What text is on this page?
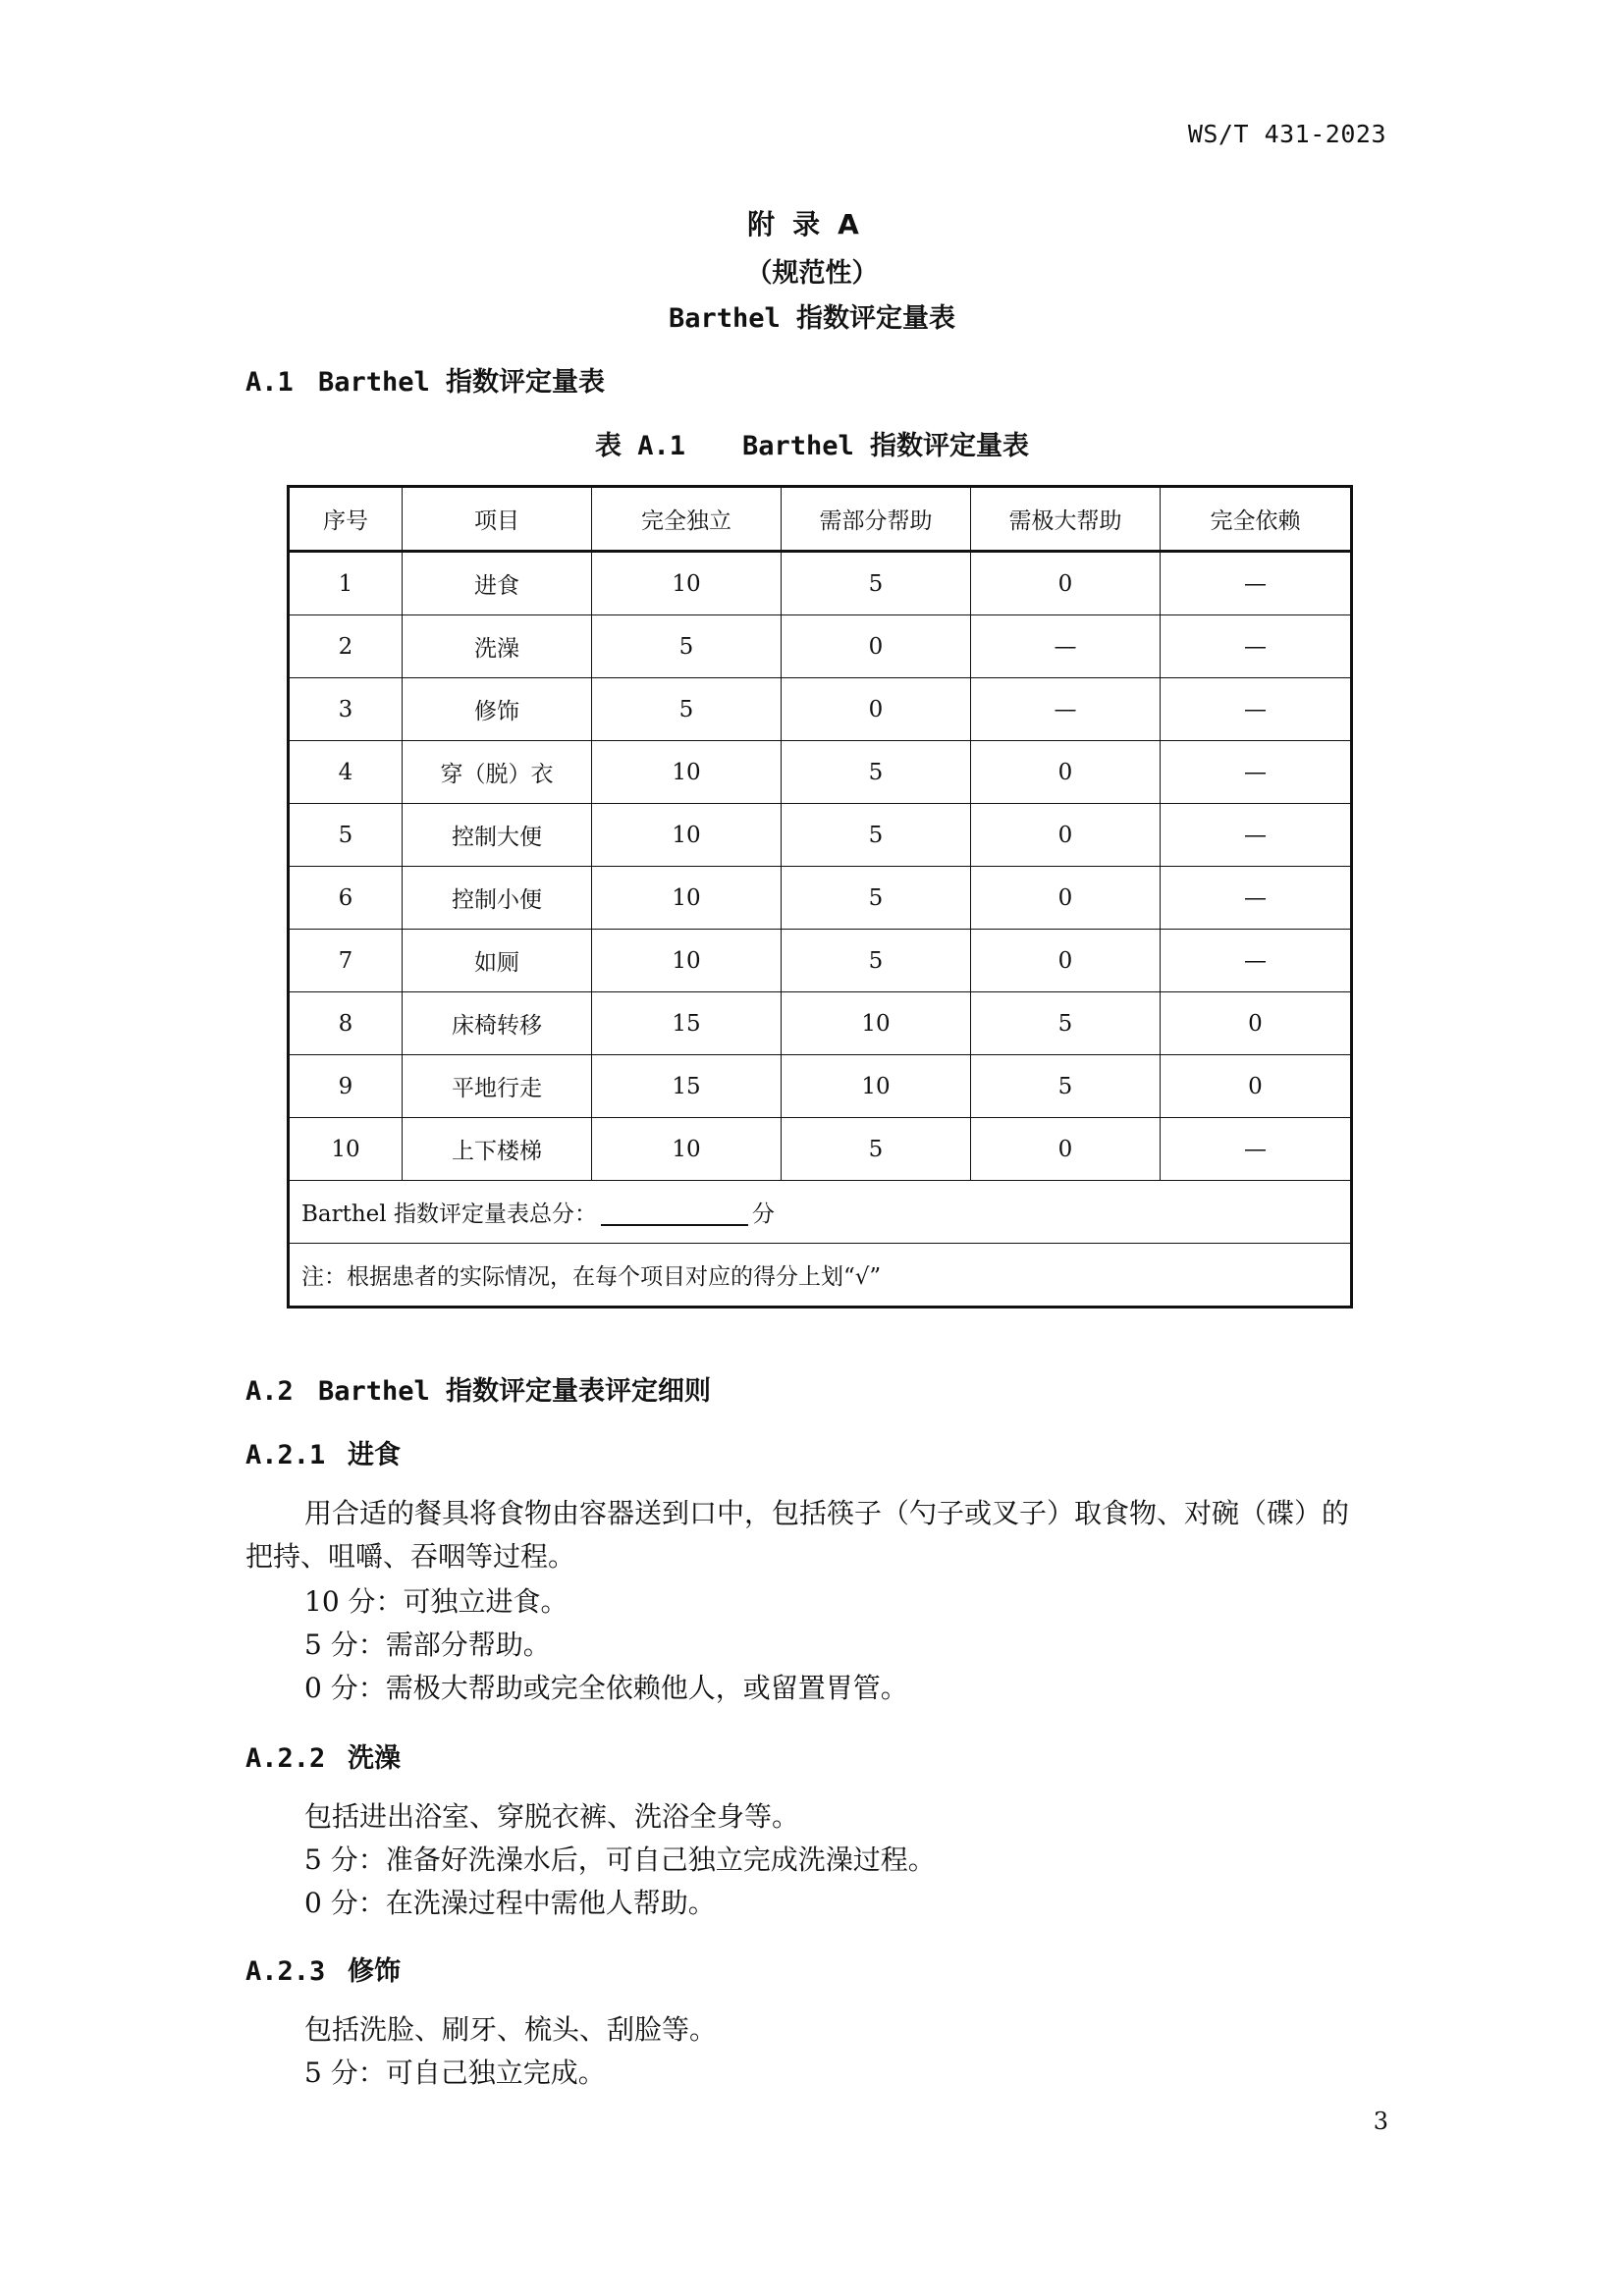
WS/T 431-2023
附录A
（规范性）
Barthel 指数评定量表
A.1 Barthel 指数评定量表
表 A.1 Barthel 指数评定量表
序号	项目	完全独立	需部分帮助	需极大帮助	完全依赖
1	进食	10	5	0	—
2	洗澡	5	0	—	—
3	修饰	5	0	—	—
4	穿（脱）衣	10	5	0	—
5	控制大便	10	5	0	—
6	控制小便	10	5	0	—
7	如厕	10	5	0	—
8	床椅转移	15	10	5	0
9	平地行走	15	10	5	0
10	上下楼梯	10	5	0	—
Barthel 指数评定量表总分： 分					
注：根据患者的实际情况，在每个项目对应的得分上划“√”					
A.2 Barthel 指数评定量表评定细则
A.2.1 进食
用合适的餐具将食物由容器送到口中，包括筷子（勺子或叉子）取食物、对碗（碟）的把持、咀嚼、吞咽等过程。
10 分：可独立进食。
5 分：需部分帮助。
0 分：需极大帮助或完全依赖他人，或留置胃管。
A.2.2 洗澡
包括进出浴室、穿脱衣裤、洗浴全身等。
5 分：准备好洗澡水后，可自己独立完成洗澡过程。
0 分：在洗澡过程中需他人帮助。
A.2.3 修饰
包括洗脸、刷牙、梳头、刮脸等。
5 分：可自己独立完成。
3
